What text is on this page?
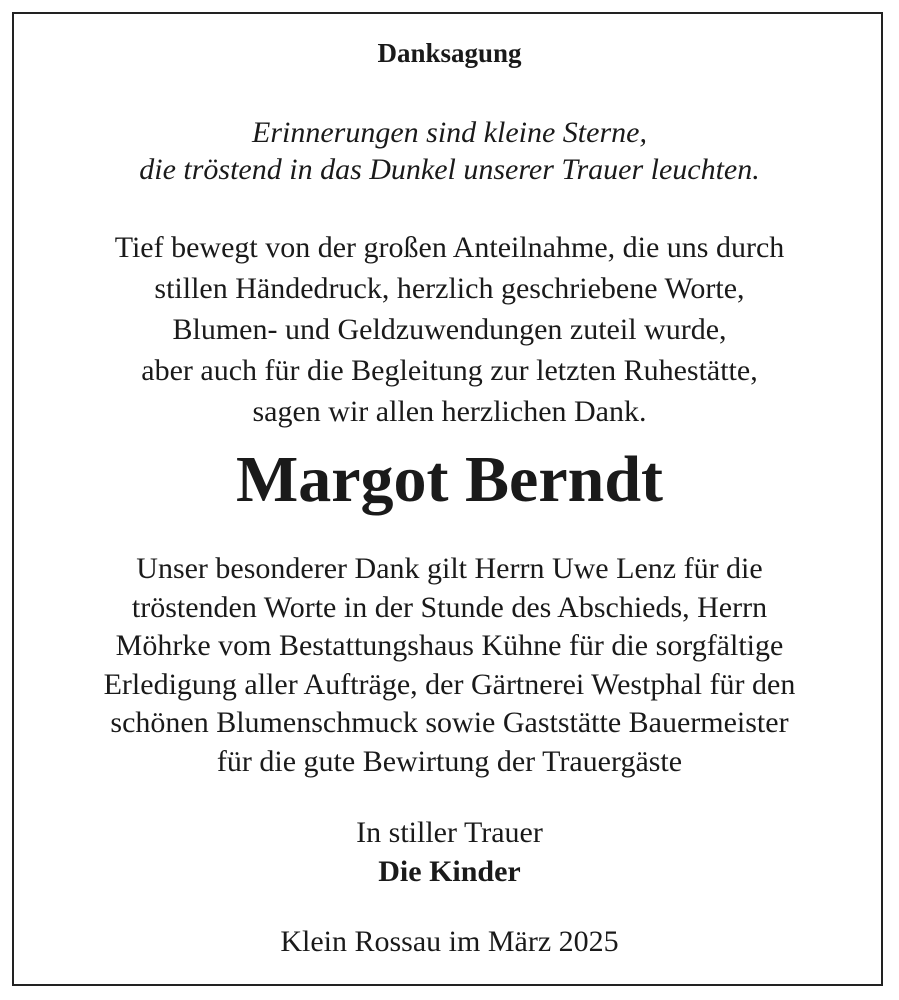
Danksagung
Erinnerungen sind kleine Sterne,
die tröstend in das Dunkel unserer Trauer leuchten.
Tief bewegt von der großen Anteilnahme, die uns durch
stillen Händedruck, herzlich geschriebene Worte,
Blumen- und Geldzuwendungen zuteil wurde,
aber auch für die Begleitung zur letzten Ruhestätte,
sagen wir allen herzlichen Dank.
Margot Berndt
Unser besonderer Dank gilt Herrn Uwe Lenz für die
tröstenden Worte in der Stunde des Abschieds, Herrn
Möhrke vom Bestattungshaus Kühne für die sorgfältige
Erledigung aller Aufträge, der Gärtnerei Westphal für den
schönen Blumenschmuck sowie Gaststätte Bauermeister
für die gute Bewirtung der Trauergäste
In stiller Trauer
Die Kinder
Klein Rossau im März 2025
